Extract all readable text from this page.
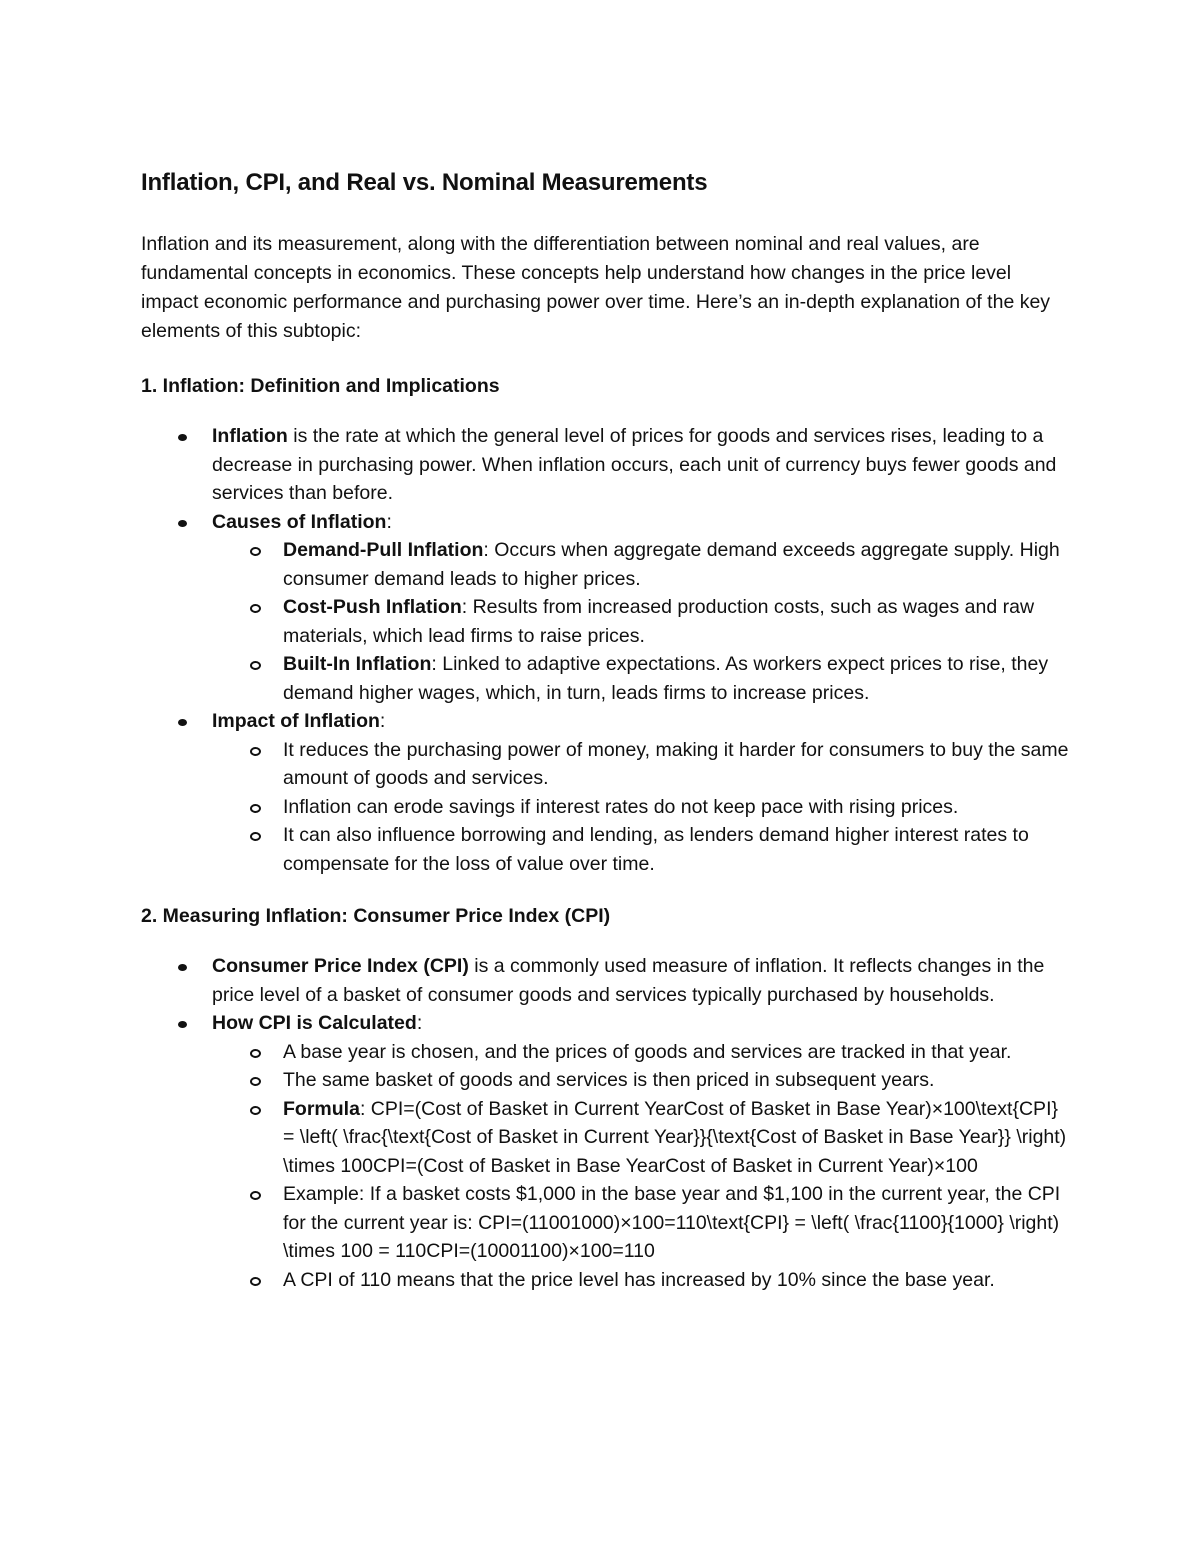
Inflation, CPI, and Real vs. Nominal Measurements

Inflation and its measurement, along with the differentiation between nominal and real values, are fundamental concepts in economics. These concepts help understand how changes in the price level impact economic performance and purchasing power over time. Here’s an in-depth explanation of the key elements of this subtopic:

1. Inflation: Definition and Implications
Inflation is the rate at which the general level of prices for goods and services rises, leading to a decrease in purchasing power. When inflation occurs, each unit of currency buys fewer goods and services than before.
Causes of Inflation:
Demand-Pull Inflation: Occurs when aggregate demand exceeds aggregate supply. High consumer demand leads to higher prices.
Cost-Push Inflation: Results from increased production costs, such as wages and raw materials, which lead firms to raise prices.
Built-In Inflation: Linked to adaptive expectations. As workers expect prices to rise, they demand higher wages, which, in turn, leads firms to increase prices.
Impact of Inflation:
It reduces the purchasing power of money, making it harder for consumers to buy the same amount of goods and services.
Inflation can erode savings if interest rates do not keep pace with rising prices.
It can also influence borrowing and lending, as lenders demand higher interest rates to compensate for the loss of value over time.
2. Measuring Inflation: Consumer Price Index (CPI)
Consumer Price Index (CPI) is a commonly used measure of inflation. It reflects changes in the price level of a basket of consumer goods and services typically purchased by households.
How CPI is Calculated:
A base year is chosen, and the prices of goods and services are tracked in that year.
The same basket of goods and services is then priced in subsequent years.
Formula: CPI=(Cost of Basket in Current YearCost of Basket in Base Year)×100\text{CPI} = \left( \frac{\text{Cost of Basket in Current Year}}{\text{Cost of Basket in Base Year}} \right) \times 100CPI=(Cost of Basket in Base YearCost of Basket in Current Year)×100
Example: If a basket costs $1,000 in the base year and $1,100 in the current year, the CPI for the current year is: CPI=(11001000)×100=110\text{CPI} = \left( \frac{1100}{1000} \right) \times 100 = 110CPI=(10001100)×100=110
A CPI of 110 means that the price level has increased by 10% since the base year.
